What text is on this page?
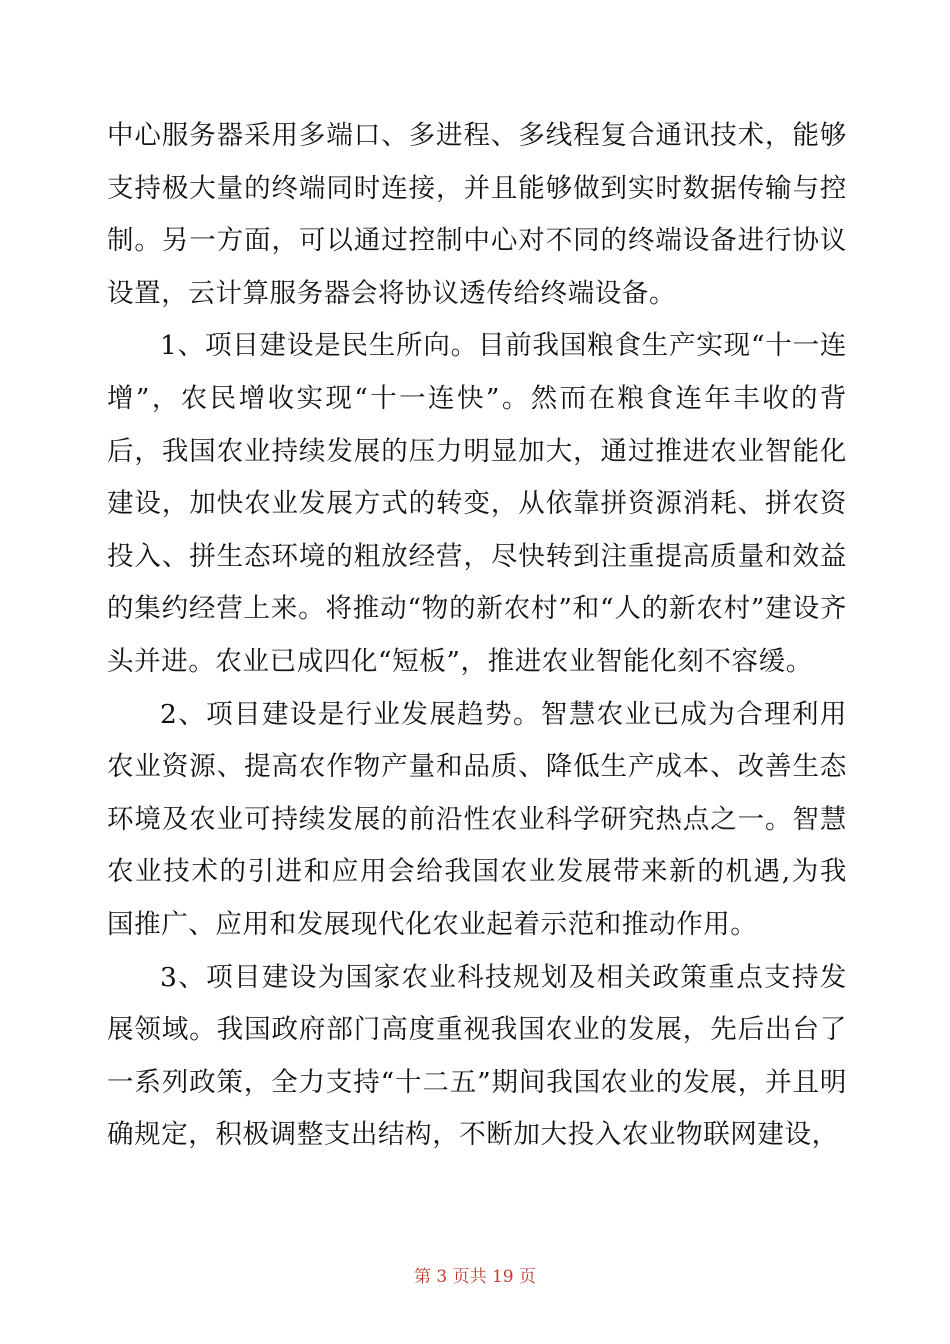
中心服务器采用多端口、多进程、多线程复合通讯技术，能够支持极大量的终端同时连接，并且能够做到实时数据传输与控制。另一方面，可以通过控制中心对不同的终端设备进行协议设置，云计算服务器会将协议透传给终端设备。

1、项目建设是民生所向。目前我国粮食生产实现“十一连增”，农民增收实现“十一连快”。然而在粮食连年丰收的背后，我国农业持续发展的压力明显加大，通过推进农业智能化建设，加快农业发展方式的转变，从依靠拼资源消耗、拼农资投入、拼生态环境的粗放经营，尽快转到注重提高质量和效益的集约经营上来。将推动“物的新农村”和“人的新农村”建设齐头并进。农业已成四化“短板”，推进农业智能化刻不容缓。

2、项目建设是行业发展趋势。智慧农业已成为合理利用农业资源、提高农作物产量和品质、降低生产成本、改善生态环境及农业可持续发展的前沿性农业科学研究热点之一。智慧农业技术的引进和应用会给我国农业发展带来新的机遇,为我国推广、应用和发展现代化农业起着示范和推动作用。

3、项目建设为国家农业科技规划及相关政策重点支持发展领域。我国政府部门高度重视我国农业的发展，先后出台了一系列政策，全力支持“十二五”期间我国农业的发展，并且明确规定，积极调整支出结构，不断加大投入农业物联网建设，

第 3 页共 19 页
